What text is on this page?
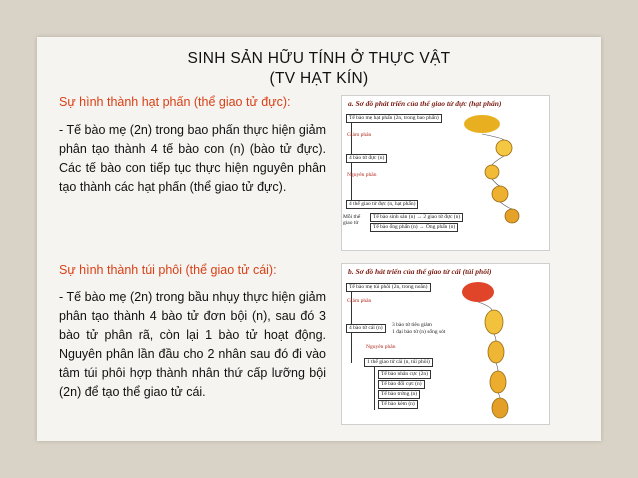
SINH SẢN HỮU TÍNH Ở THỰC VẬT
(TV HẠT KÍN)
Sự hình thành hạt phấn (thể giao tử đực):
- Tế bào mẹ (2n) trong bao phấn thực hiện giảm phân tạo thành 4 tế bào con (n) (bào tử đực). Các tế bào con tiếp tục thực hiện nguyên phân tạo thành các hạt phấn (thể giao tử đực).
Sự hình thành túi phôi (thể giao tử cái):
- Tế bào mẹ (2n) trong bầu nhụy thực hiện giảm phân tạo thành 4 bào tử đơn bội (n), sau đó 3 bào tử phân rã, còn lại 1 bào tử hoạt động. Nguyên phân lần đầu cho 2 nhân sau đó đi vào tâm túi phôi hợp thành nhân thứ cấp lưỡng bội (2n) để tạo thể giao tử cái.
a. Sơ đồ phát triển của thể giao tử đực (hạt phấn)
Tế bào mẹ hạt phấn (2n, trong bao phấn)
Giảm phân
4 bào tử đực (n)
Nguyên phân
4 thể giao tử đực (n, hạt phấn)
Mỗi thể giao tử
Tế bào sinh sản (n) → 2 giao tử đực (n)
Tế bào ống phấn (n) → Ống phấn (n)
b. Sơ đồ hát triển của thể giao tử cái (túi phôi)
Tế bào mẹ túi phôi (2n, trong noãn)
Giảm phân
4 bào tử cái (n)	3 bào tử tiêu giảm
1 đại bào tử (n) sống sót
Nguyên phân
1 thể giao tử cái (n, túi phôi)
Tế bào nhân cực (2n)
Tế bào đối cực (n)
Tế bào trứng (n)
Tế bào kèm (n)
